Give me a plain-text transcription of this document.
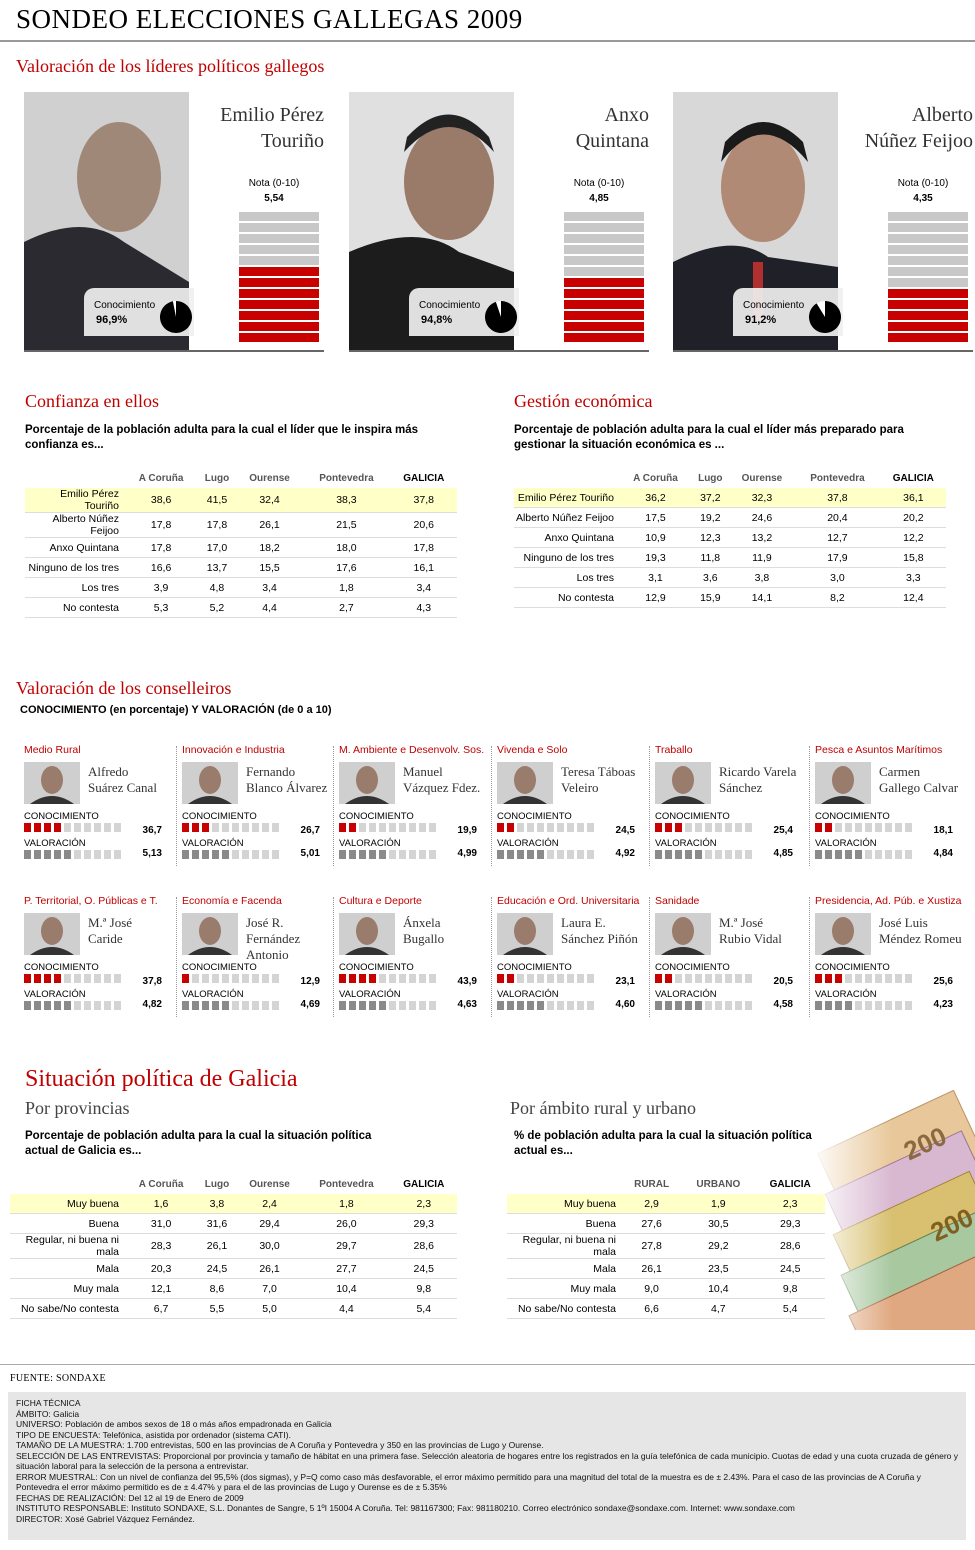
SONDEO ELECCIONES GALLEGAS 2009
Valoración de los líderes políticos gallegos
Emilio Pérez
Touriño
Nota (0-10)
5,54
Conocimiento
96,9%
Anxo
Quintana
Nota (0-10)
4,85
Conocimiento
94,8%
Alberto
Núñez Feijoo
Nota (0-10)
4,35
Conocimiento
91,2%
Confianza en ellos
Porcentaje de la población adulta para la cual el líder que le inspira más confianza es...
	A Coruña	Lugo	Ourense	Pontevedra	GALICIA
Emilio Pérez Touriño	38,6	41,5	32,4	38,3	37,8
Alberto Núñez Feijoo	17,8	17,8	26,1	21,5	20,6
Anxo Quintana	17,8	17,0	18,2	18,0	17,8
Ninguno de los tres	16,6	13,7	15,5	17,6	16,1
Los tres	3,9	4,8	3,4	1,8	3,4
No contesta	5,3	5,2	4,4	2,7	4,3
Gestión económica
Porcentaje de población adulta para la cual el líder más preparado para gestionar la situación económica es ...
	A Coruña	Lugo	Ourense	Pontevedra	GALICIA
Emilio Pérez Touriño	36,2	37,2	32,3	37,8	36,1
Alberto Núñez Feijoo	17,5	19,2	24,6	20,4	20,2
Anxo Quintana	10,9	12,3	13,2	12,7	12,2
Ninguno de los tres	19,3	11,8	11,9	17,9	15,8
Los tres	3,1	3,6	3,8	3,0	3,3
No contesta	12,9	15,9	14,1	8,2	12,4
Valoración de los conselleiros
CONOCIMIENTO (en porcentaje) Y VALORACIÓN (de 0 a 10)
Medio Rural
Alfredo
Suárez Canal
CONOCIMIENTO
VALORACIÓN
36,7
5,13
Innovación e Industria
Fernando
Blanco Álvarez
CONOCIMIENTO
VALORACIÓN
26,7
5,01
M. Ambiente e Desenvolv. Sos.
Manuel
Vázquez Fdez.
CONOCIMIENTO
VALORACIÓN
19,9
4,99
Vivenda e Solo
Teresa Táboas
Veleiro
CONOCIMIENTO
VALORACIÓN
24,5
4,92
Traballo
Ricardo Varela
Sánchez
CONOCIMIENTO
VALORACIÓN
25,4
4,85
Pesca e Asuntos Marítimos
Carmen
Gallego Calvar
CONOCIMIENTO
VALORACIÓN
18,1
4,84
P. Territorial, O. Públicas e T.
M.ª José
Caride
CONOCIMIENTO
VALORACIÓN
37,8
4,82
Economía e Facenda
José R.
Fernández
Antonio
CONOCIMIENTO
VALORACIÓN
12,9
4,69
Cultura e Deporte
Ánxela
Bugallo
CONOCIMIENTO
VALORACIÓN
43,9
4,63
Educación e Ord. Universitaria
Laura E.
Sánchez Piñón
CONOCIMIENTO
VALORACIÓN
23,1
4,60
Sanidade
M.ª José
Rubio Vidal
CONOCIMIENTO
VALORACIÓN
20,5
4,58
Presidencia, Ad. Púb. e Xustiza
José Luis
Méndez Romeu
CONOCIMIENTO
VALORACIÓN
25,6
4,23
Situación política de Galicia
Por provincias
Porcentaje de población adulta para la cual la situación política actual de Galicia es...
	A Coruña	Lugo	Ourense	Pontevedra	GALICIA
Muy buena	1,6	3,8	2,4	1,8	2,3
Buena	31,0	31,6	29,4	26,0	29,3
Regular, ni buena ni mala	28,3	26,1	30,0	29,7	28,6
Mala	20,3	24,5	26,1	27,7	24,5
Muy mala	12,1	8,6	7,0	10,4	9,8
No sabe/No contesta	6,7	5,5	5,0	4,4	5,4
Por ámbito rural y urbano
% de población adulta para la cual la situación política actual es...
	RURAL	URBANO	GALICIA
Muy buena	2,9	1,9	2,3
Buena	27,6	30,5	29,3
Regular, ni buena ni mala	27,8	29,2	28,6
Mala	26,1	23,5	24,5
Muy mala	9,0	10,4	9,8
No sabe/No contesta	6,6	4,7	5,4
FUENTE: SONDAXE

FICHA TÉCNICA

ÁMBITO: Galicia

UNIVERSO: Población de ambos sexos de 18 o más años empadronada en Galicia

TIPO DE ENCUESTA: Telefónica, asistida por ordenador (sistema CATI).

TAMAÑO DE LA MUESTRA: 1.700 entrevistas, 500 en las provincias de A Coruña y Pontevedra y 350 en las provincias de Lugo y Ourense.

SELECCIÓN DE LAS ENTREVISTAS: Proporcional por provincia y tamaño de hábitat en una primera fase. Selección aleatoria de hogares entre los registrados en la guía telefónica de cada municipio. Cuotas de edad y una cuota cruzada de género y situación laboral para la selección de la persona a entrevistar.

ERROR MUESTRAL: Con un nivel de confianza del 95,5% (dos sigmas), y P=Q como caso más desfavorable, el error máximo permitido para una magnitud del total de la muestra es de ± 2.43%. Para el caso de las provincias de A Coruña y Pontevedra el error máximo permitido es de ± 4.47% y para el de las provincias de Lugo y Ourense es de ± 5.35%

FECHAS DE REALIZACIÓN: Del 12 al 19 de Enero de 2009

INSTITUTO RESPONSABLE: Instituto SONDAXE, S.L. Donantes de Sangre, 5 1ºI 15004 A Coruña. Tel: 981167300; Fax: 981180210. Correo electrónico sondaxe@sondaxe.com. Internet: www.sondaxe.com

DIRECTOR: Xosé Gabriel Vázquez Fernández.
